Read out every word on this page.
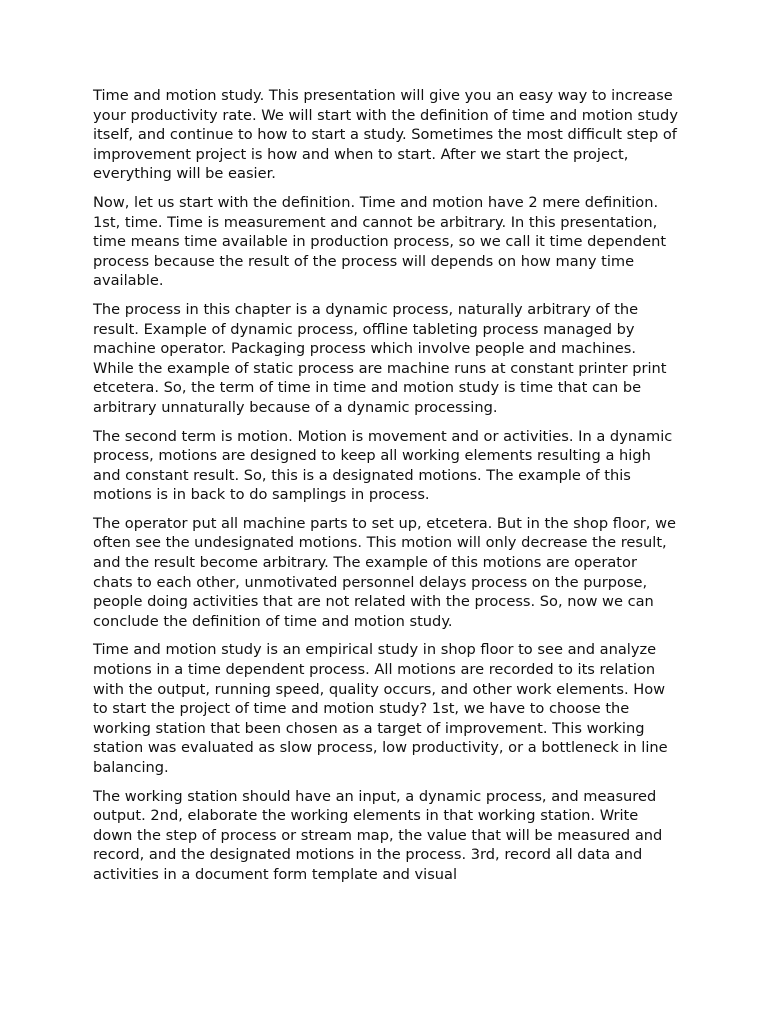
Time and motion study. This presentation will give you an easy way to increase your productivity rate. We will start with the definition of time and motion study itself, and continue to how to start a study. Sometimes the most difficult step of improvement project is how and when to start. After we start the project, everything will be easier.

Now, let us start with the definition. Time and motion have 2 mere definition. 1st, time. Time is measurement and cannot be arbitrary. In this presentation, time means time available in production process, so we call it time dependent process because the result of the process will depends on how many time available.

The process in this chapter is a dynamic process, naturally arbitrary of the result. Example of dynamic process, offline tableting process managed by machine operator. Packaging process which involve people and machines. While the example of static process are machine runs at constant printer print etcetera. So, the term of time in time and motion study is time that can be arbitrary unnaturally because of a dynamic processing.

The second term is motion. Motion is movement and or activities. In a dynamic process, motions are designed to keep all working elements resulting a high and constant result. So, this is a designated motions. The example of this motions is in back to do samplings in process.

The operator put all machine parts to set up, etcetera. But in the shop floor, we often see the undesignated motions. This motion will only decrease the result, and the result become arbitrary. The example of this motions are operator chats to each other, unmotivated personnel delays process on the purpose, people doing activities that are not related with the process. So, now we can conclude the definition of time and motion study.

Time and motion study is an empirical study in shop floor to see and analyze motions in a time dependent process. All motions are recorded to its relation with the output, running speed, quality occurs, and other work elements. How to start the project of time and motion study? 1st, we have to choose the working station that been chosen as a target of improvement. This working station was evaluated as slow process, low productivity, or a bottleneck in line balancing.

The working station should have an input, a dynamic process, and measured output. 2nd, elaborate the working elements in that working station. Write down the step of process or stream map, the value that will be measured and record, and the designated motions in the process. 3rd, record all data and activities in a document form template and visual
